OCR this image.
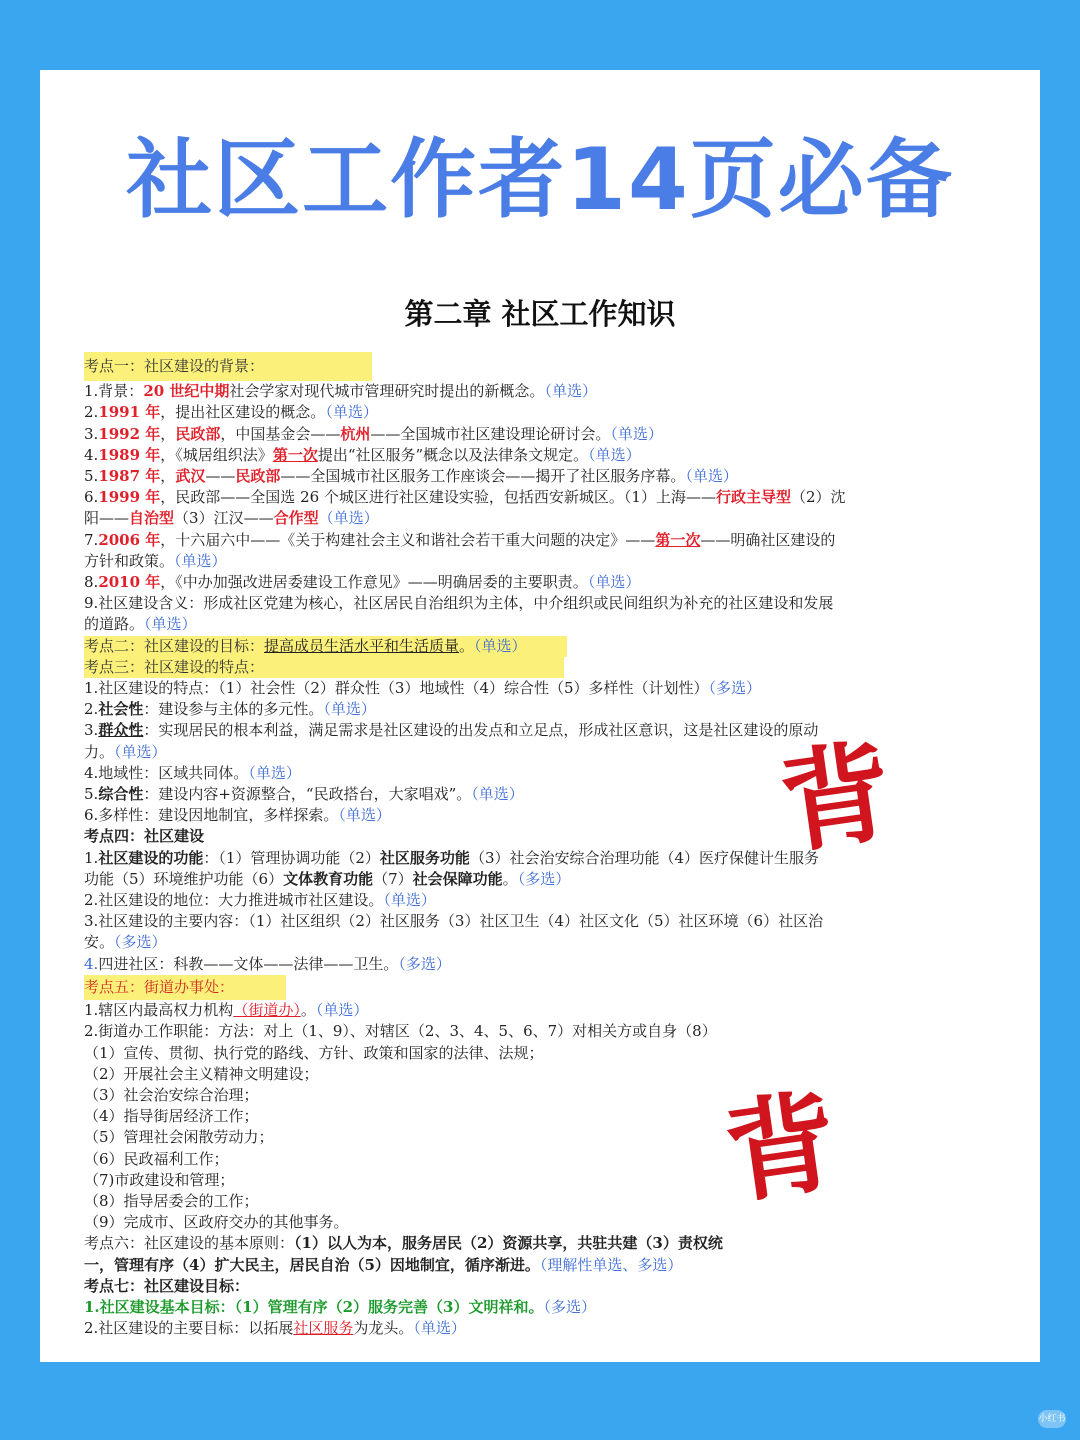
社区工作者14页必备
第二章 社区工作知识
考点一：社区建设的背景：
1.背景：20 世纪中期社会学家对现代城市管理研究时提出的新概念。（单选）
2.1991 年，提出社区建设的概念。（单选）
3.1992 年，民政部，中国基金会——杭州——全国城市社区建设理论研讨会。（单选）
4.1989 年，《城居组织法》第一次提出“社区服务”概念以及法律条文规定。（单选）
5.1987 年，武汉——民政部——全国城市社区服务工作座谈会——揭开了社区服务序幕。（单选）
6.1999 年，民政部——全国选 26 个城区进行社区建设实验，包括西安新城区。（1）上海——行政主导型（2）沈
阳——自治型（3）江汉——合作型（单选）
7.2006 年，十六届六中——《关于构建社会主义和谐社会若干重大问题的决定》——第一次——明确社区建设的
方针和政策。（单选）
8.2010 年，《中办加强改进居委建设工作意见》——明确居委的主要职责。（单选）
9.社区建设含义：形成社区党建为核心，社区居民自治组织为主体，中介组织或民间组织为补充的社区建设和发展
的道路。（单选）
考点二：社区建设的目标：提高成员生活水平和生活质量。（单选）
考点三：社区建设的特点：
1.社区建设的特点：（1）社会性（2）群众性（3）地域性（4）综合性（5）多样性（计划性）（多选）
2.社会性：建设参与主体的多元性。（单选）
3.群众性：实现居民的根本利益，满足需求是社区建设的出发点和立足点，形成社区意识，这是社区建设的原动
力。（单选）
4.地域性：区域共同体。（单选）
5.综合性：建设内容+资源整合，“民政搭台，大家唱戏”。（单选）
6.多样性：建设因地制宜，多样探索。（单选）
考点四：社区建设
1.社区建设的功能：（1）管理协调功能（2）社区服务功能（3）社会治安综合治理功能（4）医疗保健计生服务
功能（5）环境维护功能（6）文体教育功能（7）社会保障功能。（多选）
2.社区建设的地位：大力推进城市社区建设。（单选）
3.社区建设的主要内容：（1）社区组织（2）社区服务（3）社区卫生（4）社区文化（5）社区环境（6）社区治
安。（多选）
4.四进社区：科教——文体——法律——卫生。（多选）
考点五：街道办事处：
1.辖区内最高权力机构（街道办）。（单选）
2.街道办工作职能：方法：对上（1、9）、对辖区（2、3、4、5、6、7）对相关方或自身（8）
（1）宣传、贯彻、执行党的路线、方针、政策和国家的法律、法规；
（2）开展社会主义精神文明建设；
（3）社会治安综合治理；
（4）指导街居经济工作；
（5）管理社会闲散劳动力；
（6）民政福利工作；
（7)市政建设和管理；
（8）指导居委会的工作；
（9）完成市、区政府交办的其他事务。
考点六：社区建设的基本原则：（1）以人为本，服务居民（2）资源共享，共驻共建（3）责权统
一，管理有序（4）扩大民主，居民自治（5）因地制宜，循序渐进。（理解性单选、多选）
考点七：社区建设目标：
1.社区建设基本目标：（1）管理有序（2）服务完善（3）文明祥和。（多选）
2.社区建设的主要目标：以拓展社区服务为龙头。（单选）
背
背
小红书
